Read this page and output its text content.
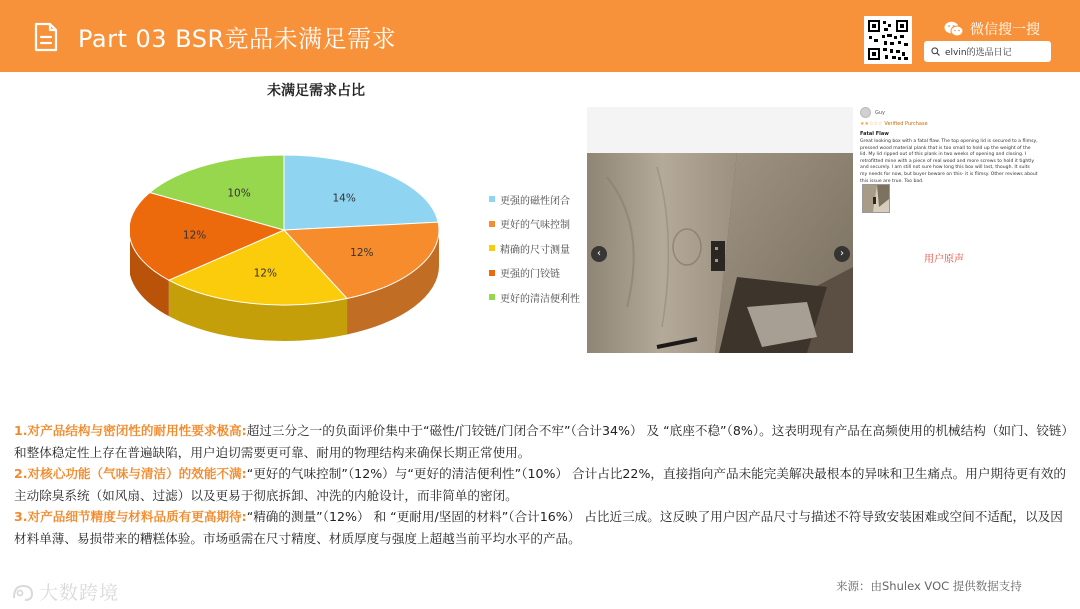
Part 03 BSR竞品未满足需求	微信搜一搜
elvin的选品日记
未满足需求占比
14%
12%
12%
12%
10%
更强的磁性闭合
更好的气味控制
精确的尺寸测量
更强的门铰链
更好的清洁便利性
‹	›
Guy
★★☆☆☆ Verified Purchase
Fatal Flaw
Great looking box with a fatal flaw. The top opening lid is secured to a flimsy, pressed wood material plank that is too small to hold up the weight of the lid. My lid ripped out of this plank in two weeks of opening and closing. I retrofitted mine with a piece of real wood and more screws to hold it tightly and securely. I am still not sure how long this box will last, though. It suits my needs for now, but buyer beware on this- it is flimsy. Other reviews about this issue are true. Too bad.
用户原声

1.对产品结构与密闭性的耐用性要求极高:超过三分之一的负面评价集中于“磁性/门铰链/门闭合不牢”（合计34%） 及 “底座不稳”（8%）。这表明现有产品在高频使用的机械结构（如门、铰链）和整体稳定性上存在普遍缺陷，用户迫切需要更可靠、耐用的物理结构来确保长期正常使用。

2.对核心功能（气味与清洁）的效能不满:“更好的气味控制”（12%）与“更好的清洁便利性”（10%） 合计占比22%，直接指向产品未能完美解决最根本的异味和卫生痛点。用户期待更有效的主动除臭系统（如风扇、过滤）以及更易于彻底拆卸、冲洗的内舱设计，而非简单的密闭。

3.对产品细节精度与材料品质有更高期待:“精确的测量”（12%） 和 “更耐用/坚固的材料”（合计16%） 占比近三成。这反映了用户因产品尺寸与描述不符导致安装困难或空间不适配，以及因材料单薄、易损带来的糟糕体验。市场亟需在尺寸精度、材质厚度与强度上超越当前平均水平的产品。

大数跨境	来源：由Shulex VOC 提供数据支持
